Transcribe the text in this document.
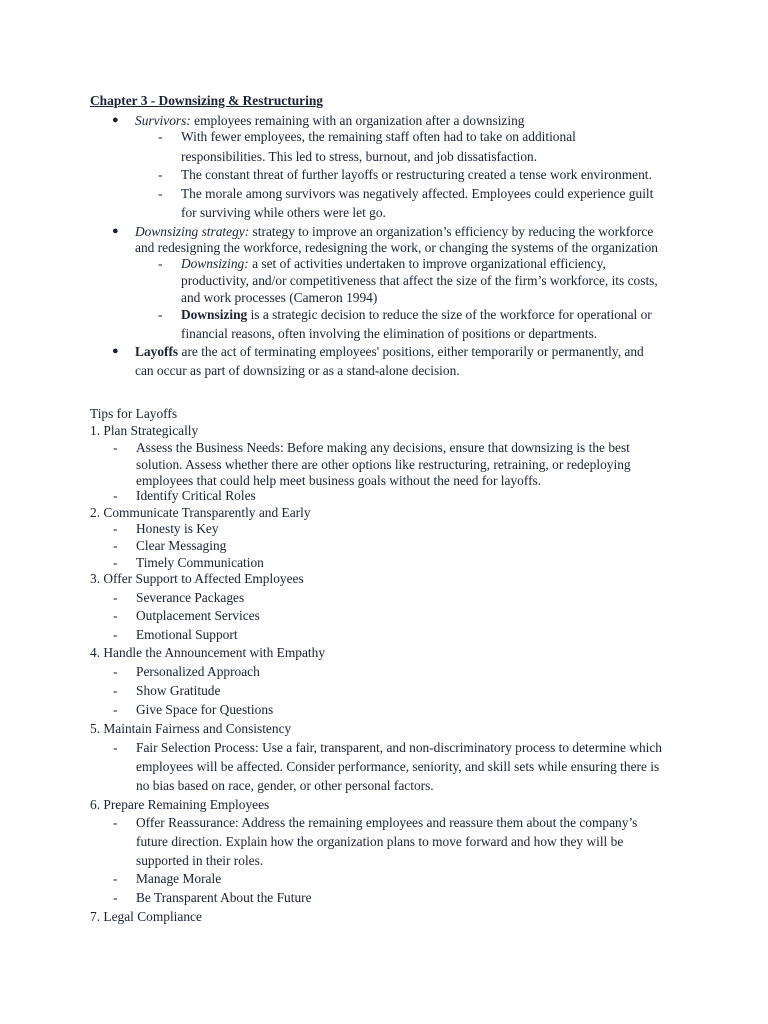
Chapter 3 - Downsizing & Restructuring
● Survivors: employees remaining with an organization after a downsizing
- With fewer employees, the remaining staff often had to take on additional
responsibilities. This led to stress, burnout, and job dissatisfaction.
- The constant threat of further layoffs or restructuring created a tense work environment.
- The morale among survivors was negatively affected. Employees could experience guilt
for surviving while others were let go.
● Downsizing strategy: strategy to improve an organization’s efficiency by reducing the workforce
and redesigning the workforce, redesigning the work, or changing the systems of the organization
- Downsizing: a set of activities undertaken to improve organizational efficiency,
productivity, and/or competitiveness that affect the size of the firm’s workforce, its costs,
and work processes (Cameron 1994)
- Downsizing is a strategic decision to reduce the size of the workforce for operational or
financial reasons, often involving the elimination of positions or departments.
● Layoffs are the act of terminating employees' positions, either temporarily or permanently, and
can occur as part of downsizing or as a stand-alone decision.
Tips for Layoffs
1. Plan Strategically
- Assess the Business Needs: Before making any decisions, ensure that downsizing is the best
solution. Assess whether there are other options like restructuring, retraining, or redeploying
employees that could help meet business goals without the need for layoffs.
- Identify Critical Roles
2. Communicate Transparently and Early
- Honesty is Key
- Clear Messaging
- Timely Communication
3. Offer Support to Affected Employees
- Severance Packages
- Outplacement Services
- Emotional Support
4. Handle the Announcement with Empathy
- Personalized Approach
- Show Gratitude
- Give Space for Questions
5. Maintain Fairness and Consistency
- Fair Selection Process: Use a fair, transparent, and non-discriminatory process to determine which
employees will be affected. Consider performance, seniority, and skill sets while ensuring there is
no bias based on race, gender, or other personal factors.
6. Prepare Remaining Employees
- Offer Reassurance: Address the remaining employees and reassure them about the company’s
future direction. Explain how the organization plans to move forward and how they will be
supported in their roles.
- Manage Morale
- Be Transparent About the Future
7. Legal Compliance
